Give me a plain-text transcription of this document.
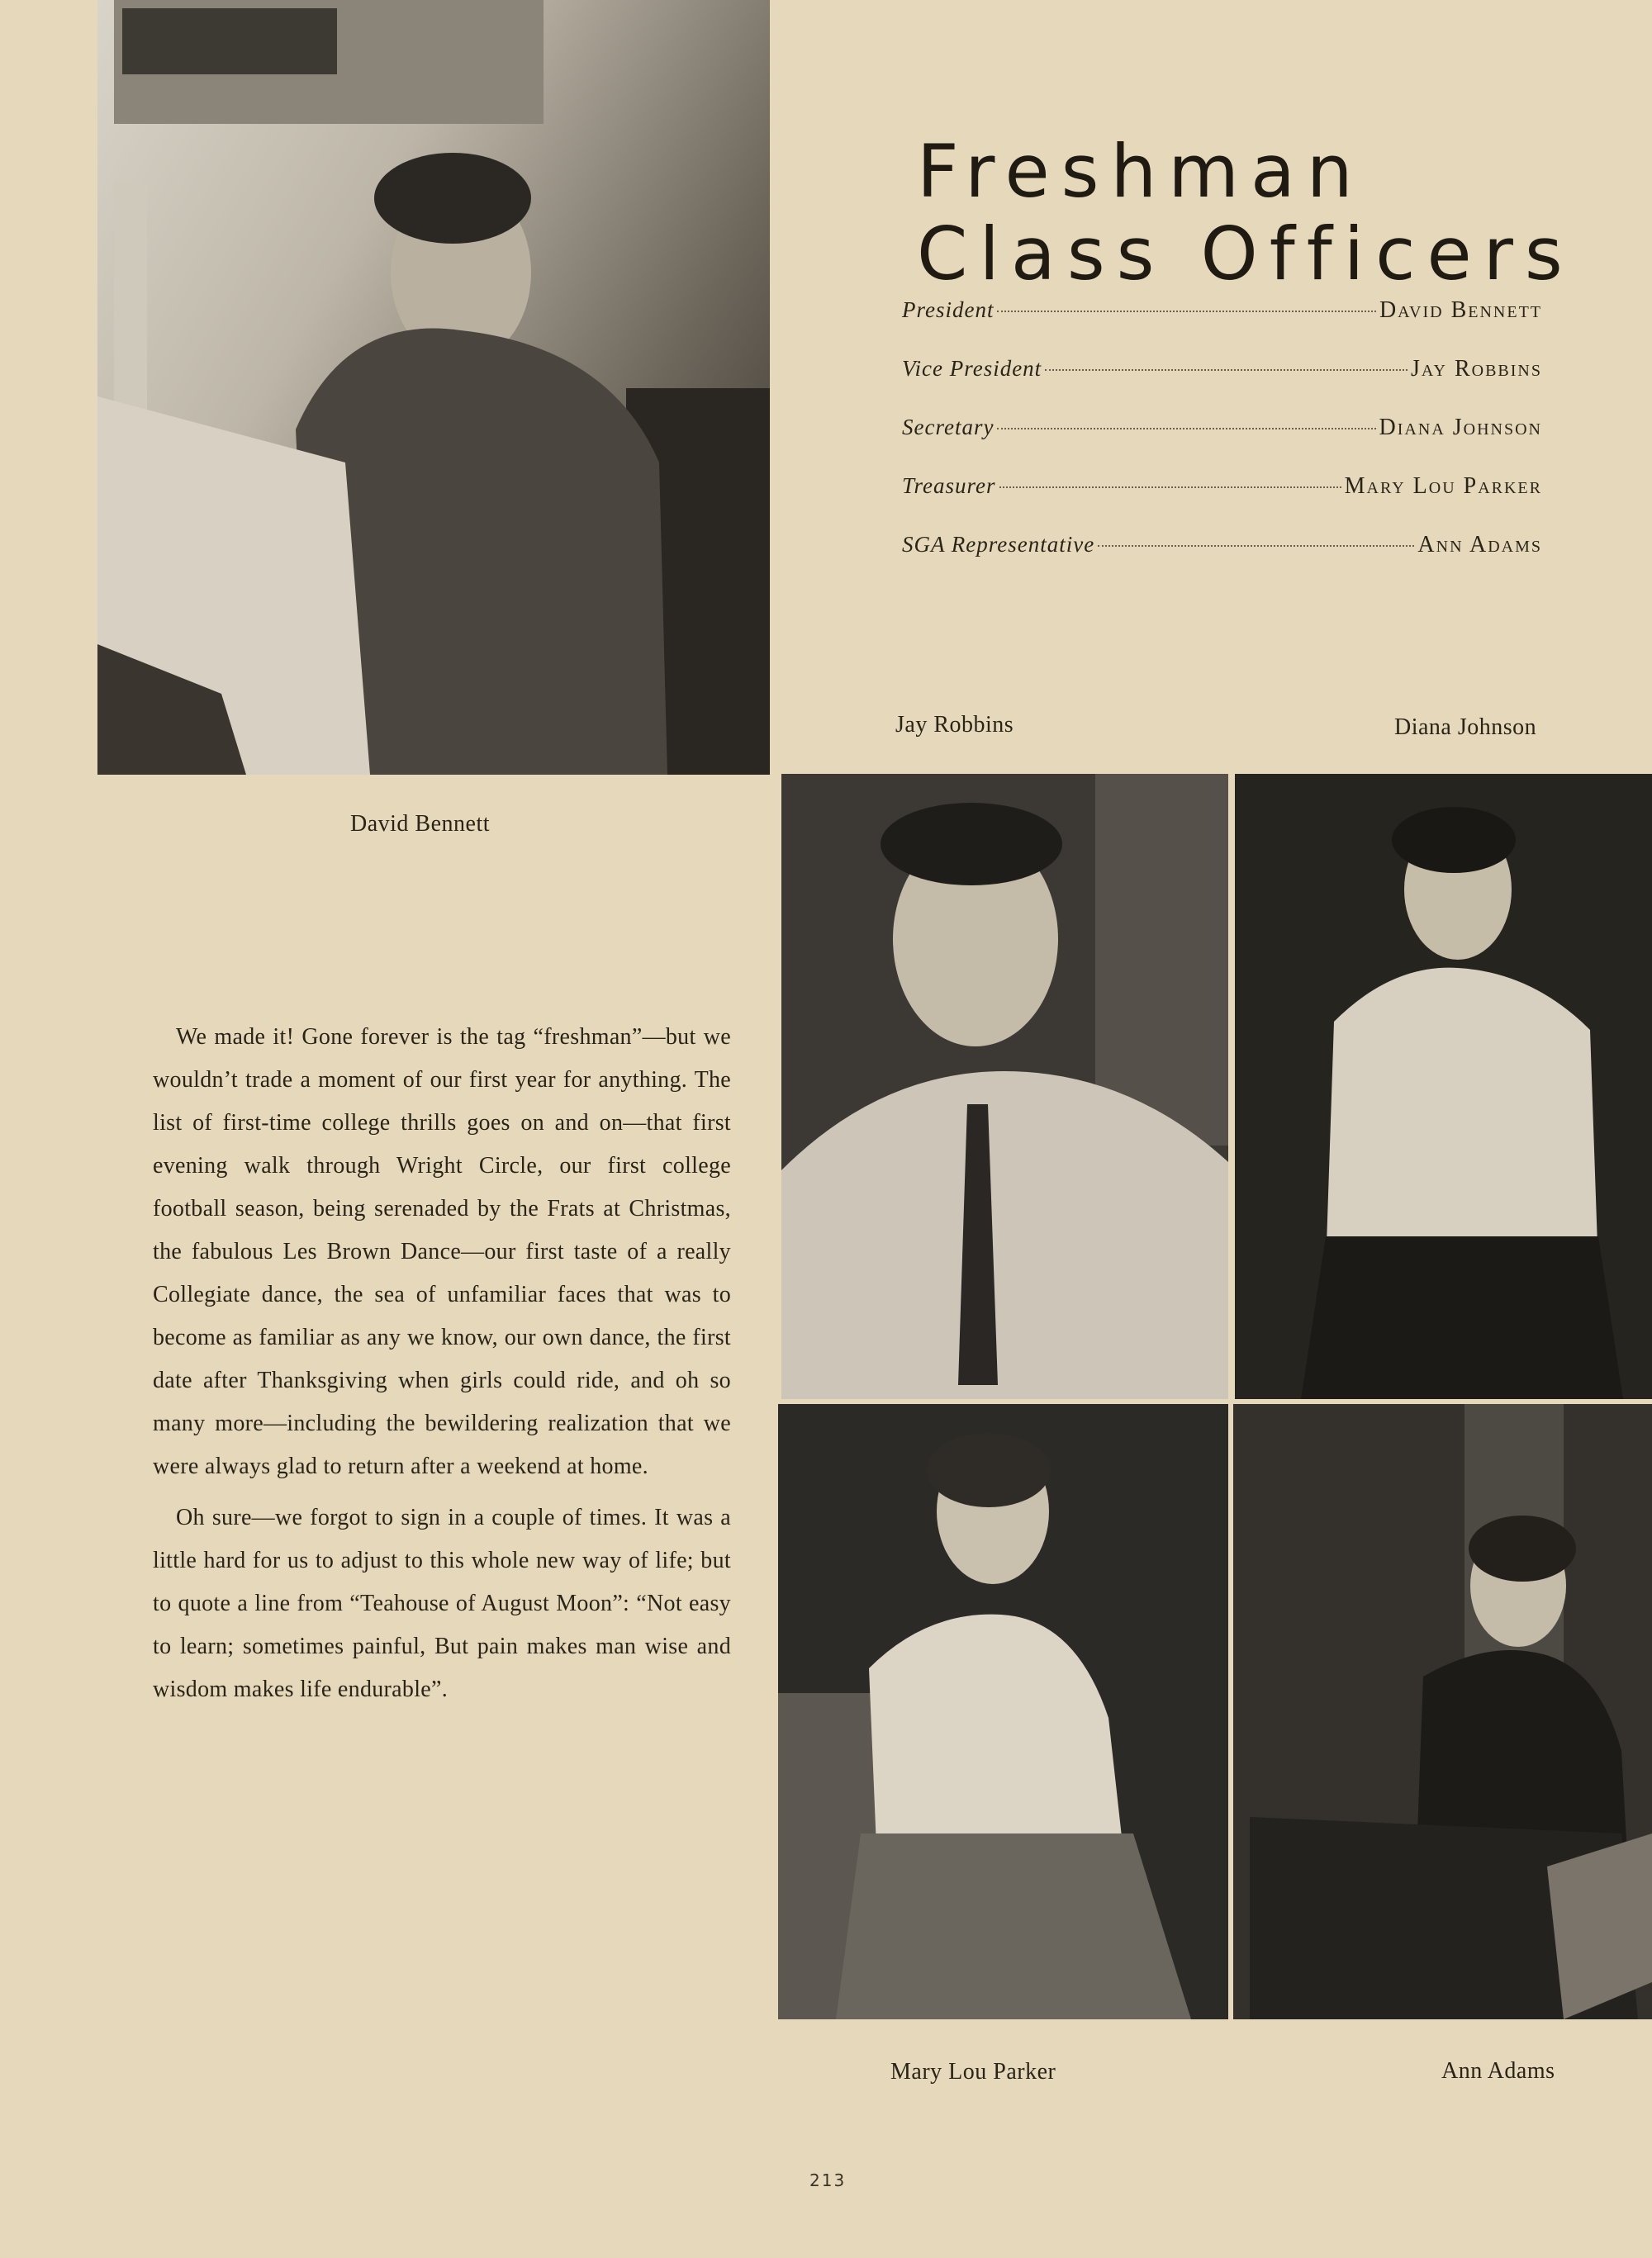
Freshman
Class Officers
President	David Bennett
Vice President	Jay Robbins
Secretary	Diana Johnson
Treasurer	Mary Lou Parker
SGA Representative	Ann Adams
David Bennett
Jay Robbins	Diana Johnson

We made it! Gone forever is the tag “freshman”—but we wouldn’t trade a moment of our first year for anything. The list of first-time college thrills goes on and on—that first evening walk through Wright Circle, our first college football season, being serenaded by the Frats at Christmas, the fabulous Les Brown Dance—our first taste of a really Collegiate dance, the sea of unfamiliar faces that was to become as familiar as any we know, our own dance, the first date after Thanksgiving when girls could ride, and oh so many more—including the bewildering realization that we were always glad to return after a weekend at home.

Oh sure—we forgot to sign in a couple of times. It was a little hard for us to adjust to this whole new way of life; but to quote a line from “Teahouse of August Moon”: “Not easy to learn; sometimes painful, But pain makes man wise and wisdom makes life endurable”.

Mary Lou Parker	Ann Adams
213
